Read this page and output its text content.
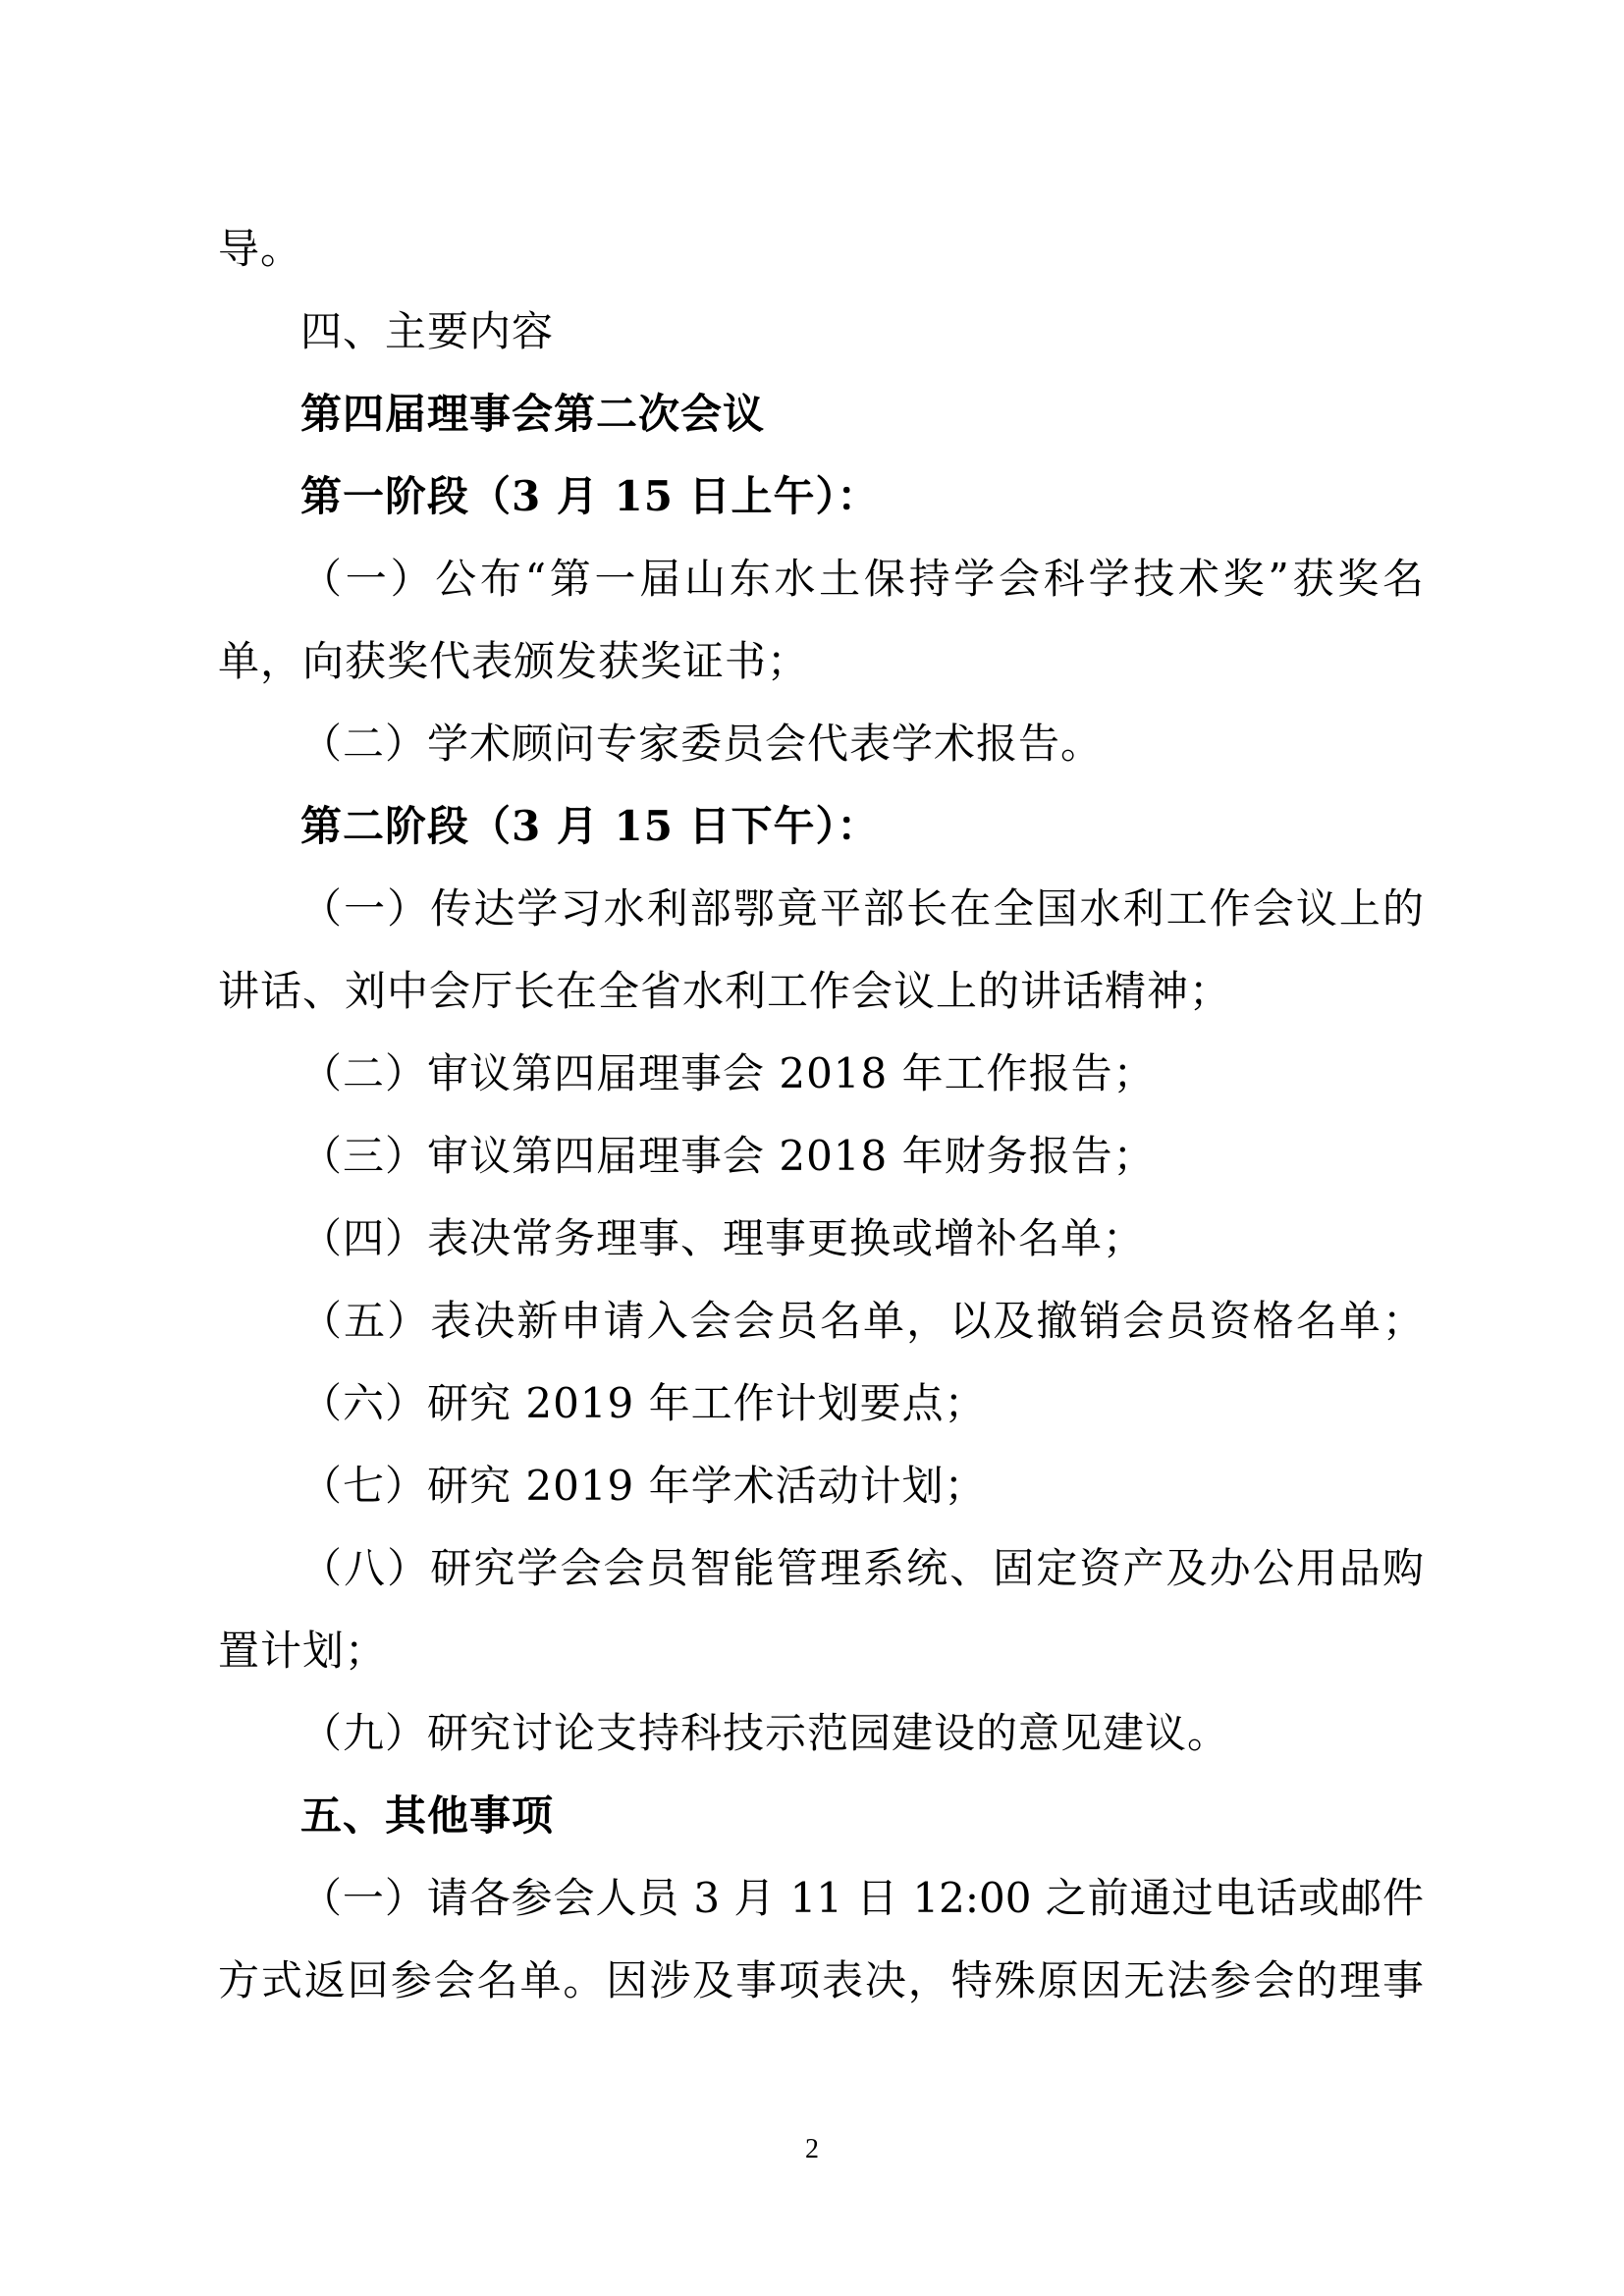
导。
四、主要内容
第四届理事会第二次会议
第一阶段（3 月 15 日上午）：
（一）公布“第一届山东水土保持学会科学技术奖”获奖名
单，向获奖代表颁发获奖证书；
（二）学术顾问专家委员会代表学术报告。
第二阶段（3 月 15 日下午）：
（一）传达学习水利部鄂竟平部长在全国水利工作会议上的
讲话、刘中会厅长在全省水利工作会议上的讲话精神；
（二）审议第四届理事会 2018 年工作报告；
（三）审议第四届理事会 2018 年财务报告；
（四）表决常务理事、理事更换或增补名单；
（五）表决新申请入会会员名单，以及撤销会员资格名单；
（六）研究 2019 年工作计划要点；
（七）研究 2019 年学术活动计划；
（八）研究学会会员智能管理系统、固定资产及办公用品购
置计划；
（九）研究讨论支持科技示范园建设的意见建议。
五、其他事项
（一）请各参会人员 3 月 11 日 12:00 之前通过电话或邮件
方式返回参会名单。因涉及事项表决，特殊原因无法参会的理事
2
